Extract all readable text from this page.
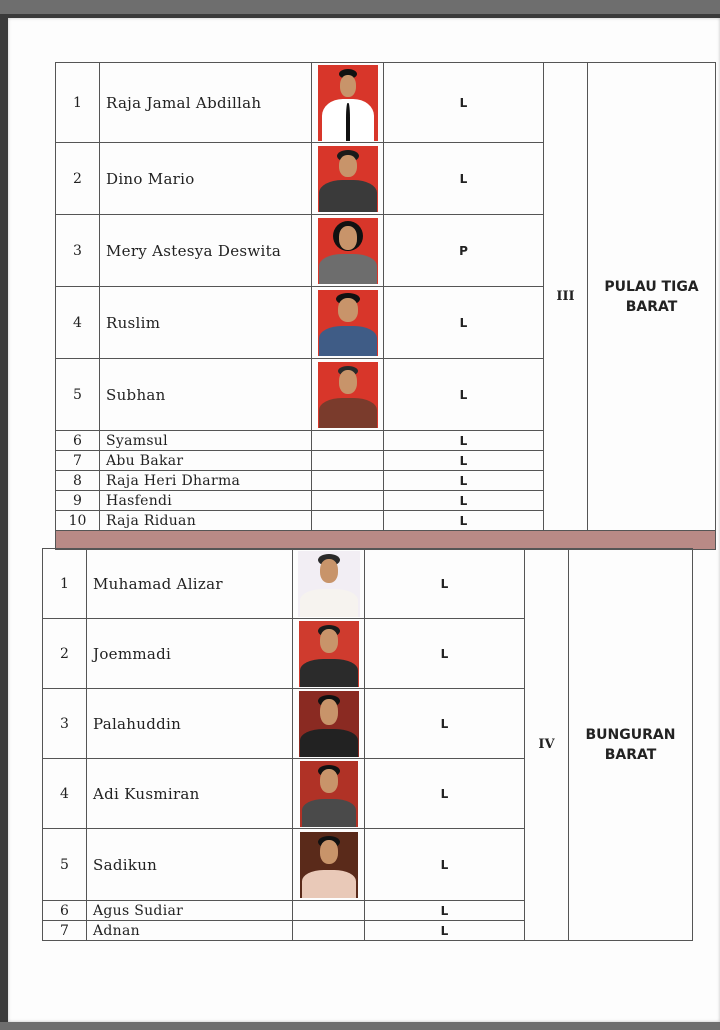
1	Raja Jamal Abdillah		L	III	PULAU TIGA
BARAT

2	Dino Mario		L		
3	Mery Astesya Deswita		P		
4	Ruslim		L		
5	Subhan		L		
6	Syamsul		L		
7	Abu Bakar		L		
8	Raja Heri Dharma		L		
9	Hasfendi		L		
10	Raja Riduan		L		

1	Muhamad Alizar		L	IV	BUNGURAN
BARAT

2	Joemmadi		L		
3	Palahuddin		L		
4	Adi Kusmiran		L		
5	Sadikun		L		
6	Agus Sudiar		L		
7	Adnan		L		
